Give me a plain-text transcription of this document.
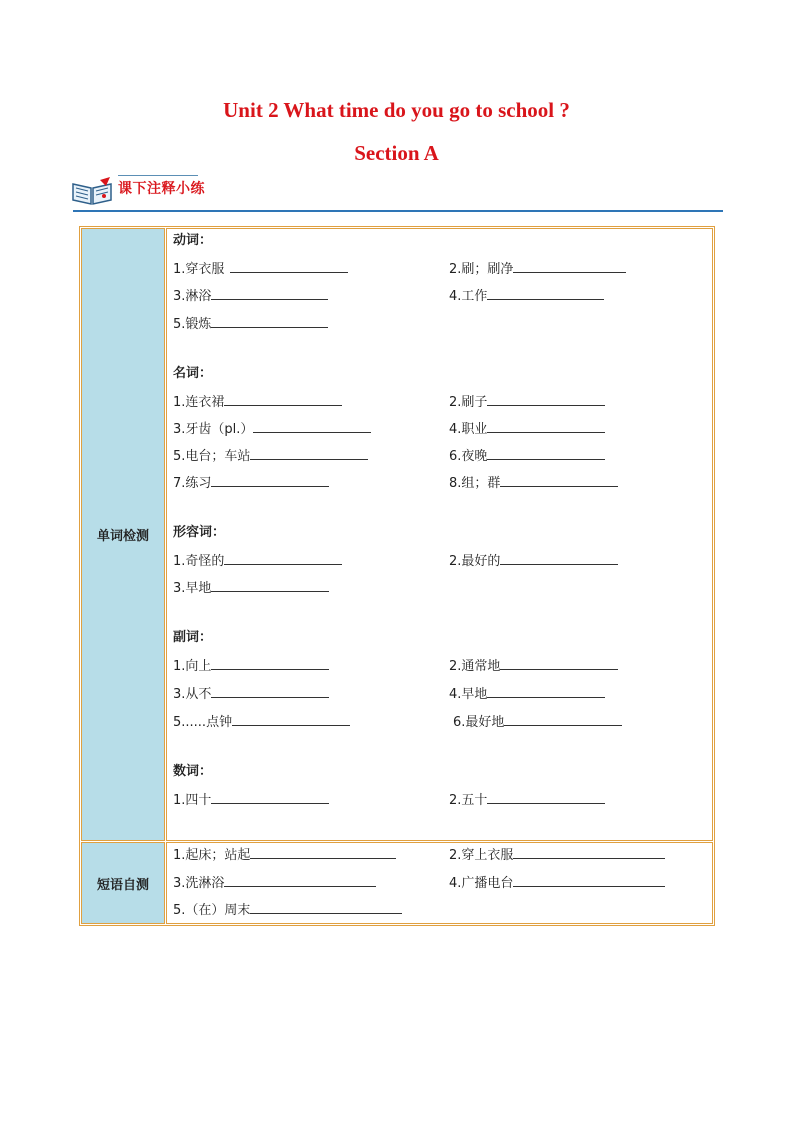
Unit 2 What time do you go to school ?
Section A
课下注释小练
单词检测
短语自测
动词：
1.穿衣服	2.刷；刷净
3.淋浴	4.工作
5.锻炼
名词：
1.连衣裙	2.刷子
3.牙齿（pl.）	4.职业
5.电台；车站	6.夜晚
7.练习	8.组；群
形容词：
1.奇怪的	2.最好的
3.早地
副词：
1.向上	2.通常地
3.从不	4.早地
5......点钟	6.最好地
数词：
1.四十	2.五十
1.起床；站起	2.穿上衣服
3.洗淋浴	4.广播电台
5.（在）周末
